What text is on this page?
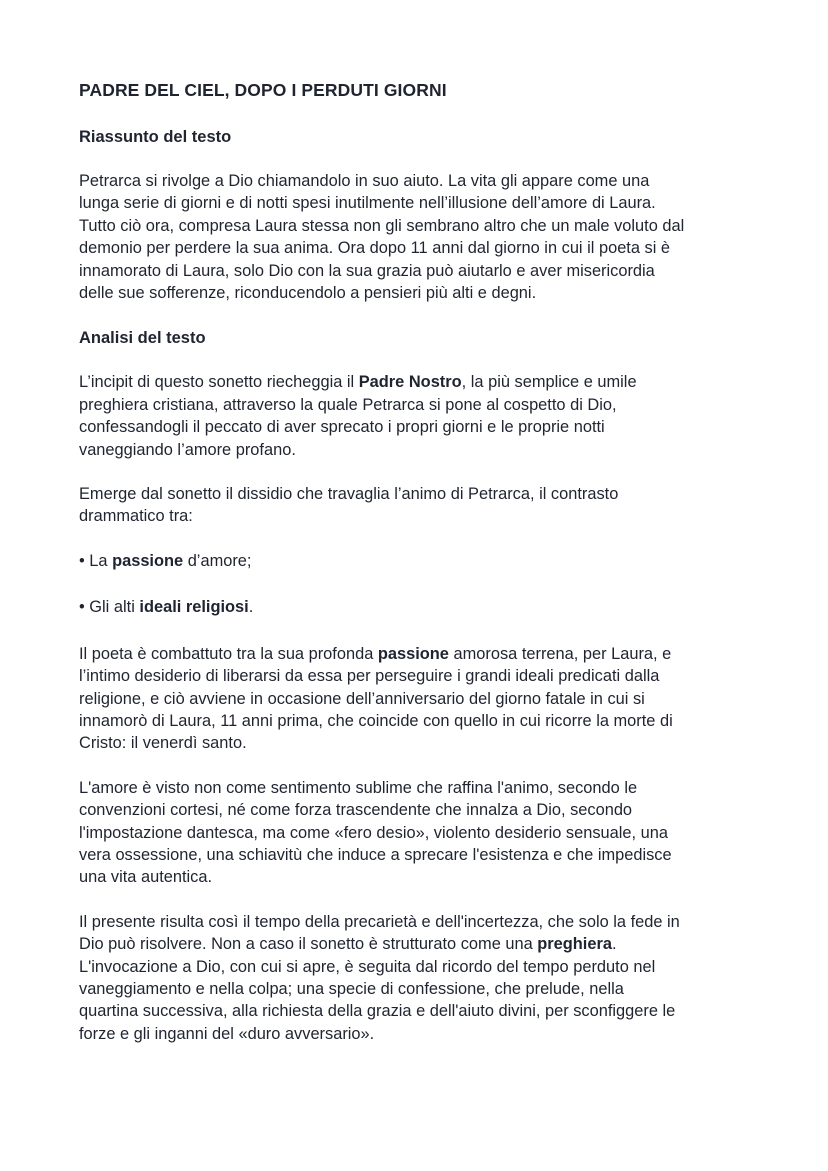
PADRE DEL CIEL, DOPO I PERDUTI GIORNI
Riassunto del testo
Petrarca si rivolge a Dio chiamandolo in suo aiuto. La vita gli appare come una
lunga serie di giorni e di notti spesi inutilmente nell’illusione dell’amore di Laura.
Tutto ciò ora, compresa Laura stessa non gli sembrano altro che un male voluto dal
demonio per perdere la sua anima. Ora dopo 11 anni dal giorno in cui il poeta si è
innamorato di Laura, solo Dio con la sua grazia può aiutarlo e aver misericordia
delle sue sofferenze, riconducendolo a pensieri più alti e degni.
Analisi del testo
L’incipit di questo sonetto riecheggia il Padre Nostro, la più semplice e umile
preghiera cristiana, attraverso la quale Petrarca si pone al cospetto di Dio,
confessandogli il peccato di aver sprecato i propri giorni e le proprie notti
vaneggiando l’amore profano.
Emerge dal sonetto il dissidio che travaglia l’animo di Petrarca, il contrasto
drammatico tra:
• La passione d’amore;
• Gli alti ideali religiosi.
Il poeta è combattuto tra la sua profonda passione amorosa terrena, per Laura, e
l’intimo desiderio di liberarsi da essa per perseguire i grandi ideali predicati dalla
religione, e ciò avviene in occasione dell’anniversario del giorno fatale in cui si
innamorò di Laura, 11 anni prima, che coincide con quello in cui ricorre la morte di
Cristo: il venerdì santo.
L'amore è visto non come sentimento sublime che raffina l'animo, secondo le
convenzioni cortesi, né come forza trascendente che innalza a Dio, secondo
l'impostazione dantesca, ma come «fero desio», violento desiderio sensuale, una
vera ossessione, una schiavitù che induce a sprecare l'esistenza e che impedisce
una vita autentica.
Il presente risulta così il tempo della precarietà e dell'incertezza, che solo la fede in
Dio può risolvere. Non a caso il sonetto è strutturato come una preghiera.
L'invocazione a Dio, con cui si apre, è seguita dal ricordo del tempo perduto nel
vaneggiamento e nella colpa; una specie di confessione, che prelude, nella
quartina successiva, alla richiesta della grazia e dell'aiuto divini, per sconfiggere le
forze e gli inganni del «duro avversario».
